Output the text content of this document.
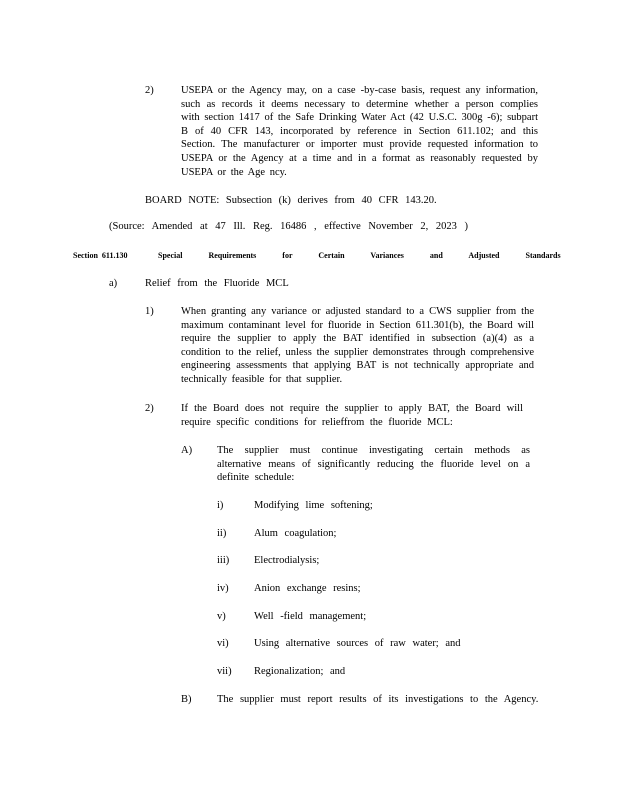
2)	USEPA or the Agency may, on a case -by-case basis, request any information, such as records it deems necessary to determine whether a person complies with section 1417 of the Safe Drinking Water Act (42 U.S.C. 300g -6); subpart B of 40 CFR 143, incorporated by reference in Section 611.102; and this Section. The manufacturer or importer must provide requested information to USEPA or the Agency at a time and in a format as reasonably requested by USEPA or the Age ncy.
BOARD NOTE: Subsection (k) derives from 40 CFR 143.20.
(Source: Amended at 47 Ill. Reg. 16486 , effective November 2, 2023 )
Section 611.130	Special Requirements for Certain Variances and Adjusted Standards
a)	Relief from the Fluoride MCL
1)	When granting any variance or adjusted standard to a CWS supplier from the maximum contaminant level for fluoride in Section 611.301(b), the Board will require the supplier to apply the BAT identified in subsection (a)(4) as a condition to the relief, unless the supplier demonstrates through comprehensive engineering assessments that applying BAT is not technically appropriate and technically feasible for that supplier.
2)	If the Board does not require the supplier to apply BAT, the Board will require specific conditions for relieffrom the fluoride MCL:
A) The supplier must continue investigating certain methods as alternative means of significantly reducing the fluoride level on a definite schedule:
i)	Modifying lime softening;
ii)	Alum coagulation;
iii) Electrodialysis;
iv) Anion exchange resins;
v)	Well -field management;
vi) Using alternative sources of raw water; and
vii) Regionalization; and
B) The supplier must report results of its investigations to the Agency.
